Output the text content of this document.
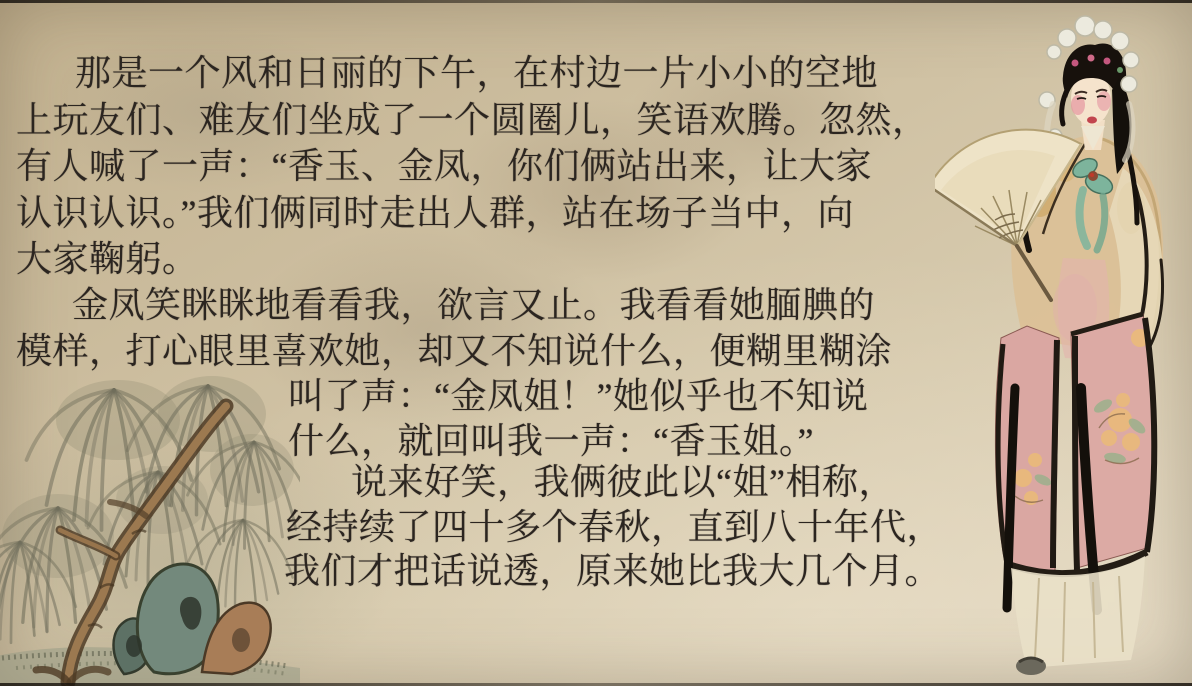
那是一个风和日丽的下午，在村边一片小小的空地
上玩友们、难友们坐成了一个圆圈儿，笑语欢腾。忽然，
有人喊了一声：“香玉、金凤，你们俩站出来，让大家
认识认识。”我们俩同时走出人群，站在场子当中，向
大家鞠躬。
金凤笑眯眯地看看我，欲言又止。我看看她腼腆的
模样，打心眼里喜欢她，却又不知说什么，便糊里糊涂
叫了声：“金凤姐！”她似乎也不知说
什么，就回叫我一声：“香玉姐。”
说来好笑，我俩彼此以“姐”相称，
经持续了四十多个春秋，直到八十年代，
我们才把话说透，原来她比我大几个月。
